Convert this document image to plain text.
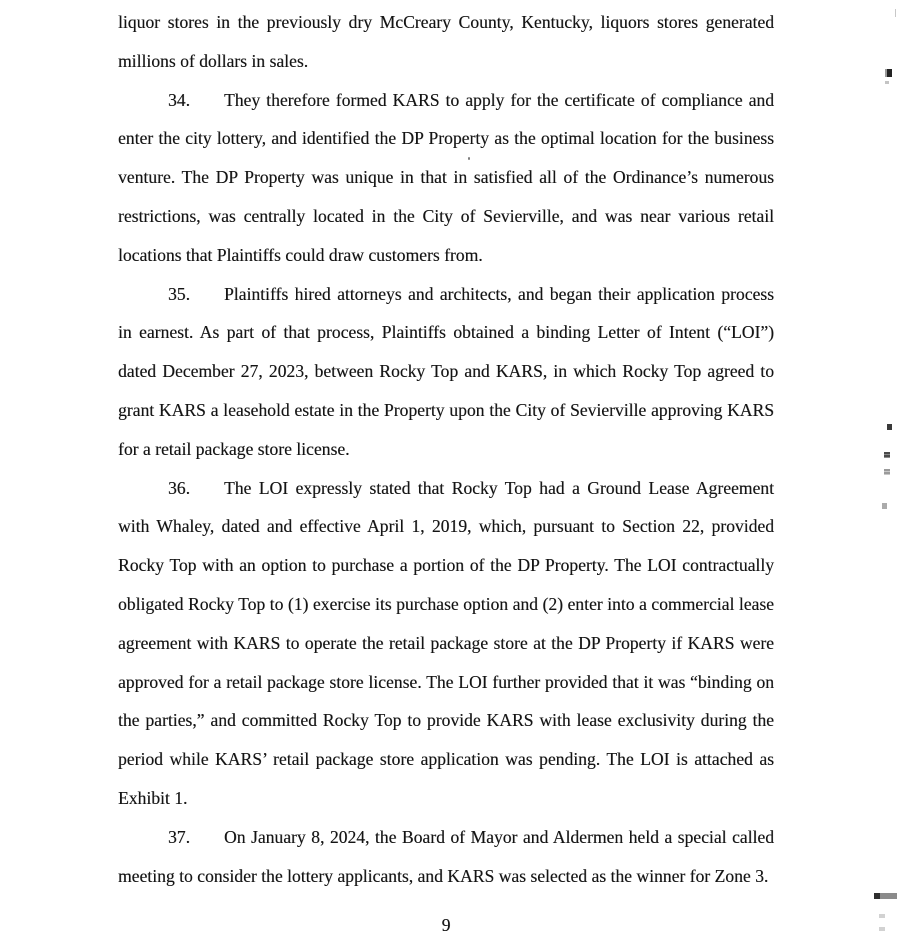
liquor stores in the previously dry McCreary County, Kentucky, liquors stores generated millions of dollars in sales.

34. They therefore formed KARS to apply for the certificate of compliance and enter the city lottery, and identified the DP Property as the optimal location for the business venture. The DP Property was unique in that in satisfied all of the Ordinance’s numerous restrictions, was centrally located in the City of Sevierville, and was near various retail locations that Plaintiffs could draw customers from.

35. Plaintiffs hired attorneys and architects, and began their application process in earnest. As part of that process, Plaintiffs obtained a binding Letter of Intent (“LOI”) dated December 27, 2023, between Rocky Top and KARS, in which Rocky Top agreed to grant KARS a leasehold estate in the Property upon the City of Sevierville approving KARS for a retail package store license.

36. The LOI expressly stated that Rocky Top had a Ground Lease Agreement with Whaley, dated and effective April 1, 2019, which, pursuant to Section 22, provided Rocky Top with an option to purchase a portion of the DP Property. The LOI contractually obligated Rocky Top to (1) exercise its purchase option and (2) enter into a commercial lease agreement with KARS to operate the retail package store at the DP Property if KARS were approved for a retail package store license. The LOI further provided that it was “binding on the parties,” and committed Rocky Top to provide KARS with lease exclusivity during the period while KARS’ retail package store application was pending. The LOI is attached as Exhibit 1.

37. On January 8, 2024, the Board of Mayor and Aldermen held a special called meeting to consider the lottery applicants, and KARS was selected as the winner for Zone 3.

9
